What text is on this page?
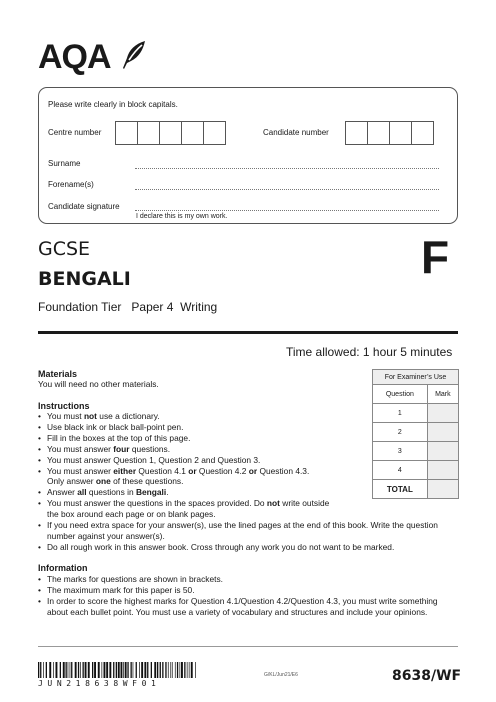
AQA
Please write clearly in block capitals.
Centre number	Candidate number
Surname
Forename(s)
Candidate signature
I declare this is my own work.
GCSE
BENGALI
Foundation Tier Paper 4 Writing
F
Time allowed: 1 hour 5 minutes
For Examiner’s Use	
Question	Mark
1	
2	
3	
4	
TOTAL	
Materials
You will need no other materials.
Instructions
• You must not use a dictionary.
• Use black ink or black ball-point pen.
• Fill in the boxes at the top of this page.
• You must answer four questions.
• You must answer Question 1, Question 2 and Question 3.
• You must answer either Question 4.1 or Question 4.2 or Question 4.3.
Only answer one of these questions.
• Answer all questions in Bengali.
• You must answer the questions in the spaces provided. Do not write outside
the box around each page or on blank pages.
• If you need extra space for your answer(s), use the lined pages at the end of this book. Write the question number against your answer(s).
• Do all rough work in this answer book. Cross through any work you do not want to be marked.
Information
• The marks for questions are shown in brackets.
• The maximum mark for this paper is 50.
• In order to score the highest marks for Question 4.1/Question 4.2/Question 4.3, you must write something about each bullet point. You must use a variety of vocabulary and structures and include your opinions.
JUN218638WF01
G/KL/Jun21/E6	8638/WF
